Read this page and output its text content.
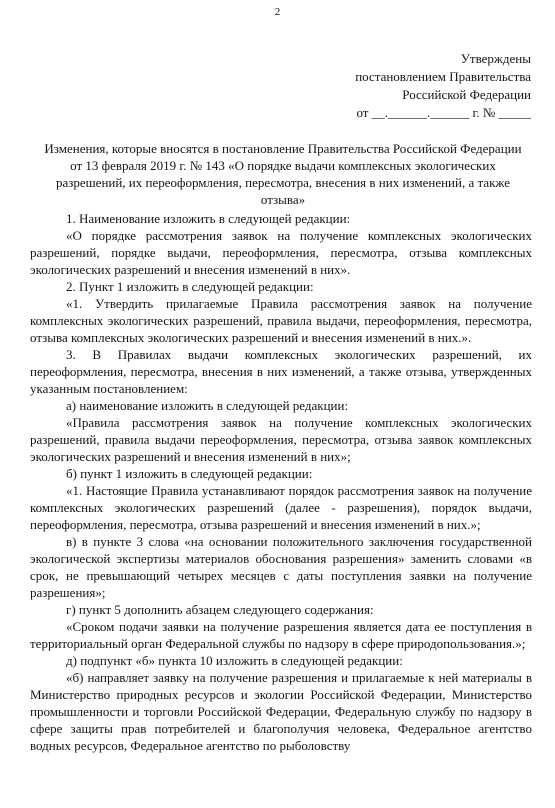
2
Утверждены
постановлением Правительства
Российской Федерации
от __.______.______ г. № _____
Изменения, которые вносятся в постановление Правительства Российской Федерации от 13 февраля 2019 г. № 143 «О порядке выдачи комплексных экологических разрешений, их переоформления, пересмотра, внесения в них изменений, а также отзыва»

1. Наименование изложить в следующей редакции:

«О порядке рассмотрения заявок на получение комплексных экологических разрешений, порядке выдачи, переоформления, пересмотра, отзыва комплексных экологических разрешений и внесения изменений в них».

2. Пункт 1 изложить в следующей редакции:

«1. Утвердить прилагаемые Правила рассмотрения заявок на получение комплексных экологических разрешений, правила выдачи, переоформления, пересмотра, отзыва комплексных экологических разрешений и внесения изменений в них.».

3. В Правилах выдачи комплексных экологических разрешений, их переоформления, пересмотра, внесения в них изменений, а также отзыва, утвержденных указанным постановлением:

а) наименование изложить в следующей редакции:

«Правила рассмотрения заявок на получение комплексных экологических разрешений, правила выдачи переоформления, пересмотра, отзыва заявок комплексных экологических разрешений и внесения изменений в них»;

б) пункт 1 изложить в следующей редакции:

«1. Настоящие Правила устанавливают порядок рассмотрения заявок на получение комплексных экологических разрешений (далее - разрешения), порядок выдачи, переоформления, пересмотра, отзыва разрешений и внесения изменений в них.»;

в) в пункте 3 слова «на основании положительного заключения государственной экологической экспертизы материалов обоснования разрешения» заменить словами «в срок, не превышающий четырех месяцев с даты поступления заявки на получение разрешения»;

г) пункт 5 дополнить абзацем следующего содержания:

«Сроком подачи заявки на получение разрешения является дата ее поступления в территориальный орган Федеральной службы по надзору в сфере природопользования.»;

д) подпункт «б» пункта 10 изложить в следующей редакции:

«б) направляет заявку на получение разрешения и прилагаемые к ней материалы в Министерство природных ресурсов и экологии Российской Федерации, Министерство промышленности и торговли Российской Федерации, Федеральную службу по надзору в сфере защиты прав потребителей и благополучия человека, Федеральное агентство водных ресурсов, Федеральное агентство по рыболовству
